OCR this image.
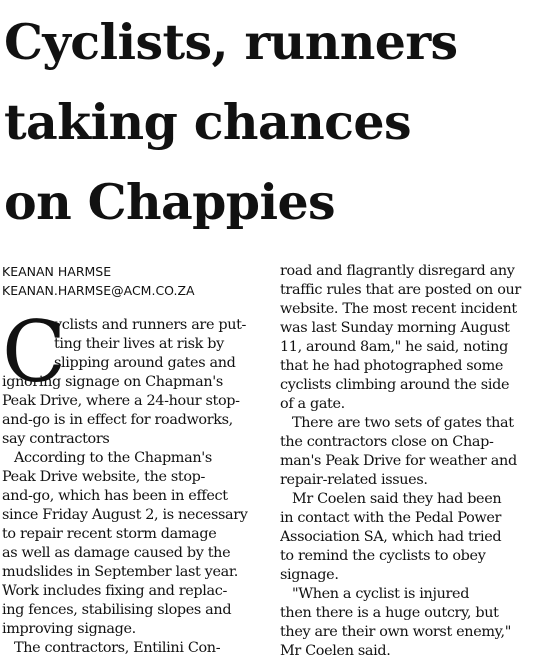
Cyclists, runners
taking chances
on Chappies
KEANAN HARMSE
KEANAN.HARMSE@ACM.CO.ZA
C
yclists and runners are put-
ting their lives at risk by
slipping around gates and
ignoring signage on Chapman's
Peak Drive, where a 24-hour stop-
and-go is in effect for roadworks,
say contractors
According to the Chapman's
Peak Drive website, the stop-
and-go, which has been in effect
since Friday August 2, is necessary
to repair recent storm damage
as well as damage caused by the
mudslides in September last year.
Work includes fixing and replac-
ing fences, stabilising slopes and
improving signage.
The contractors, Entilini Con-
road and flagrantly disregard any
traffic rules that are posted on our
website. The most recent incident
was last Sunday morning August
11, around 8am," he said, noting
that he had photographed some
cyclists climbing around the side
of a gate.
There are two sets of gates that
the contractors close on Chap-
man's Peak Drive for weather and
repair-related issues.
Mr Coelen said they had been
in contact with the Pedal Power
Association SA, which had tried
to remind the cyclists to obey
signage.
"When a cyclist is injured
then there is a huge outcry, but
they are their own worst enemy,"
Mr Coelen said.
